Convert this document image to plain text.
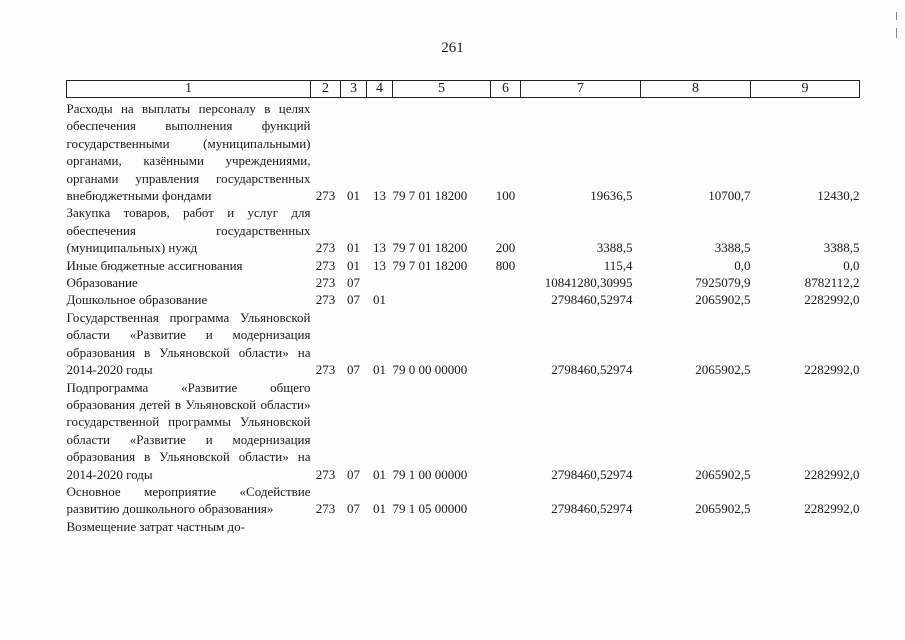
261
1	2	3	4	5	6	7	8	9
Расходы на выплаты персоналу в целях обеспечения выполнения функций государственными (муниципальными) органами, казёнными учреждениями, органами управления государственных внебюджетными фондами	273	01	13	79 7 01 18200	100	19636,5	10700,7	12430,2
Закупка товаров, работ и услуг для обеспечения государственных (муниципальных) нужд	273	01	13	79 7 01 18200	200	3388,5	3388,5	3388,5
Иные бюджетные ассигнования	273	01	13	79 7 01 18200	800	115,4	0,0	0,0
Образование	273	07				10841280,30995	7925079,9	8782112,2
Дошкольное образование	273	07	01			2798460,52974	2065902,5	2282992,0
Государственная программа Ульяновской области «Развитие и модернизация образования в Ульяновской области» на 2014-2020 годы	273	07	01	79 0 00 00000		2798460,52974	2065902,5	2282992,0
Подпрограмма «Развитие общего образования детей в Ульяновской области» государственной программы Ульяновской области «Развитие и модернизация образования в Ульяновской области» на 2014-2020 годы	273	07	01	79 1 00 00000		2798460,52974	2065902,5	2282992,0
Основное мероприятие «Содействие развитию дошкольного образования»	273	07	01	79 1 05 00000		2798460,52974	2065902,5	2282992,0
Возмещение затрат частным до-								
